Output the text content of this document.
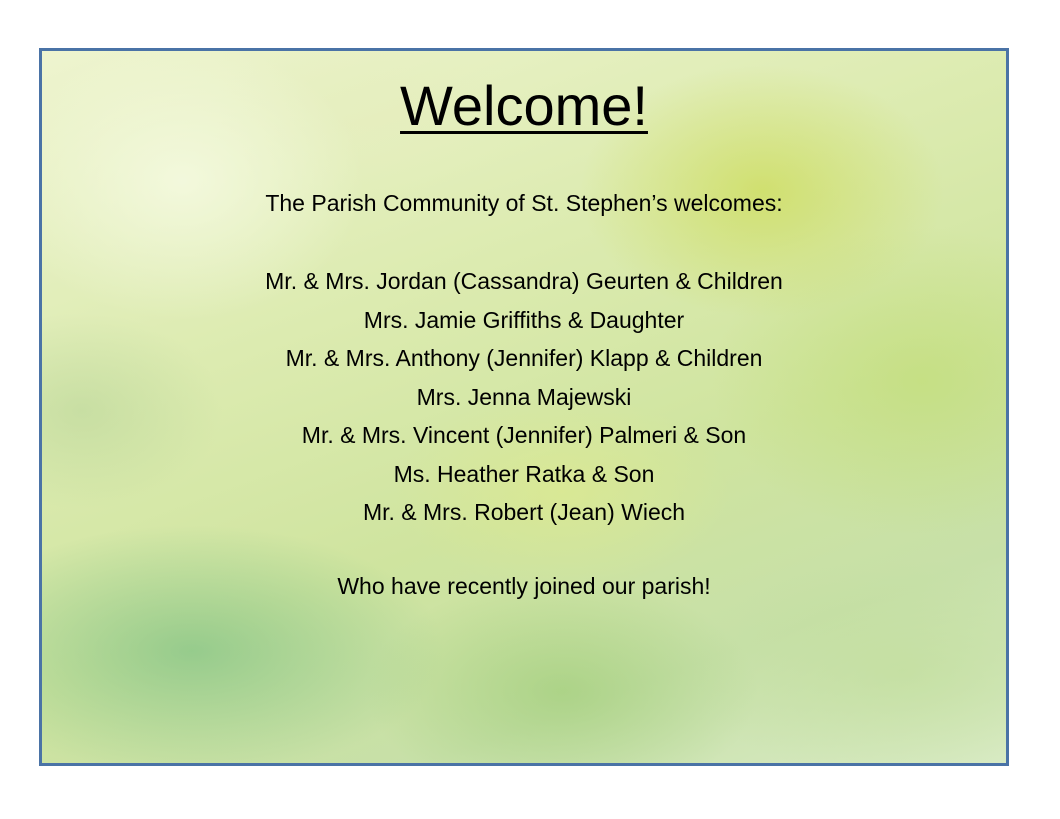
Welcome!
The Parish Community of St. Stephen’s welcomes:
Mr. & Mrs. Jordan (Cassandra) Geurten & Children
Mrs. Jamie Griffiths & Daughter
Mr. & Mrs. Anthony (Jennifer) Klapp & Children
Mrs. Jenna Majewski
Mr. & Mrs. Vincent (Jennifer) Palmeri & Son
Ms. Heather Ratka & Son
Mr. & Mrs. Robert (Jean) Wiech
Who have recently joined our parish!
